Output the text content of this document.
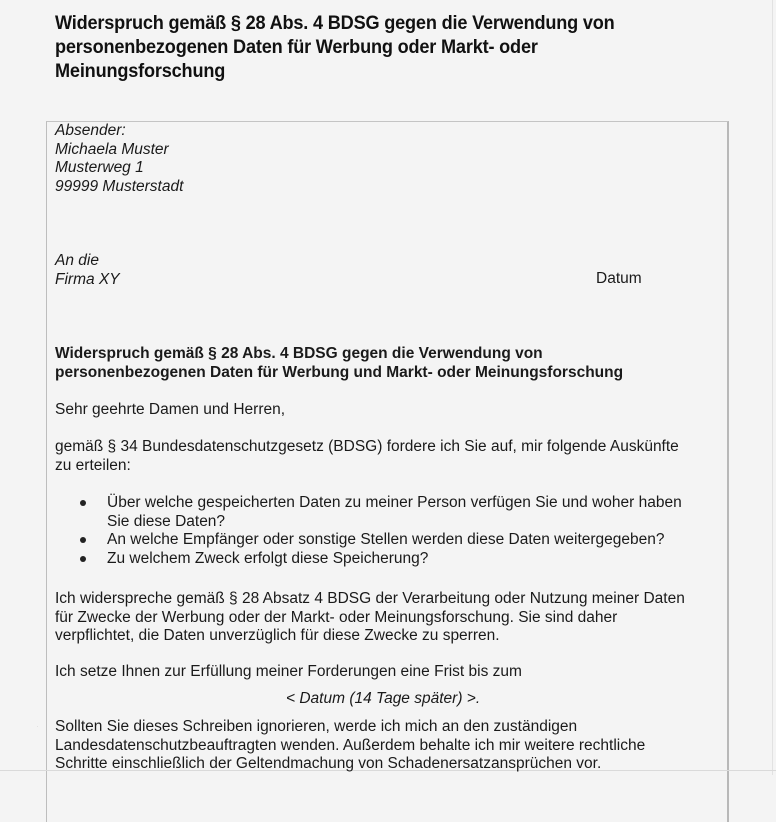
Widerspruch gemäß § 28 Abs. 4 BDSG gegen die Verwendung von
personenbezogenen Daten für Werbung oder Markt- oder
Meinungsforschung
Absender:
Michaela Muster
Musterweg 1
99999 Musterstadt
An die
Firma XY	Datum
Widerspruch gemäß § 28 Abs. 4 BDSG gegen die Verwendung von
personenbezogenen Daten für Werbung und Markt- oder Meinungsforschung
Sehr geehrte Damen und Herren,
gemäß § 34 Bundesdatenschutzgesetz (BDSG) fordere ich Sie auf, mir folgende Auskünfte
zu erteilen:
Über welche gespeicherten Daten zu meiner Person verfügen Sie und woher haben
Sie diese Daten?
An welche Empfänger oder sonstige Stellen werden diese Daten weitergegeben?
Zu welchem Zweck erfolgt diese Speicherung?
Ich widerspreche gemäß § 28 Absatz 4 BDSG der Verarbeitung oder Nutzung meiner Daten
für Zwecke der Werbung oder der Markt- oder Meinungsforschung. Sie sind daher
verpflichtet, die Daten unverzüglich für diese Zwecke zu sperren.
Ich setze Ihnen zur Erfüllung meiner Forderungen eine Frist bis zum
< Datum (14 Tage später) >.
· Sollten Sie dieses Schreiben ignorieren, werde ich mich an den zuständigen
Landesdatenschutzbeauftragten wenden. Außerdem behalte ich mir weitere rechtliche
Schritte einschließlich der Geltendmachung von Schadenersatzansprüchen vor.
